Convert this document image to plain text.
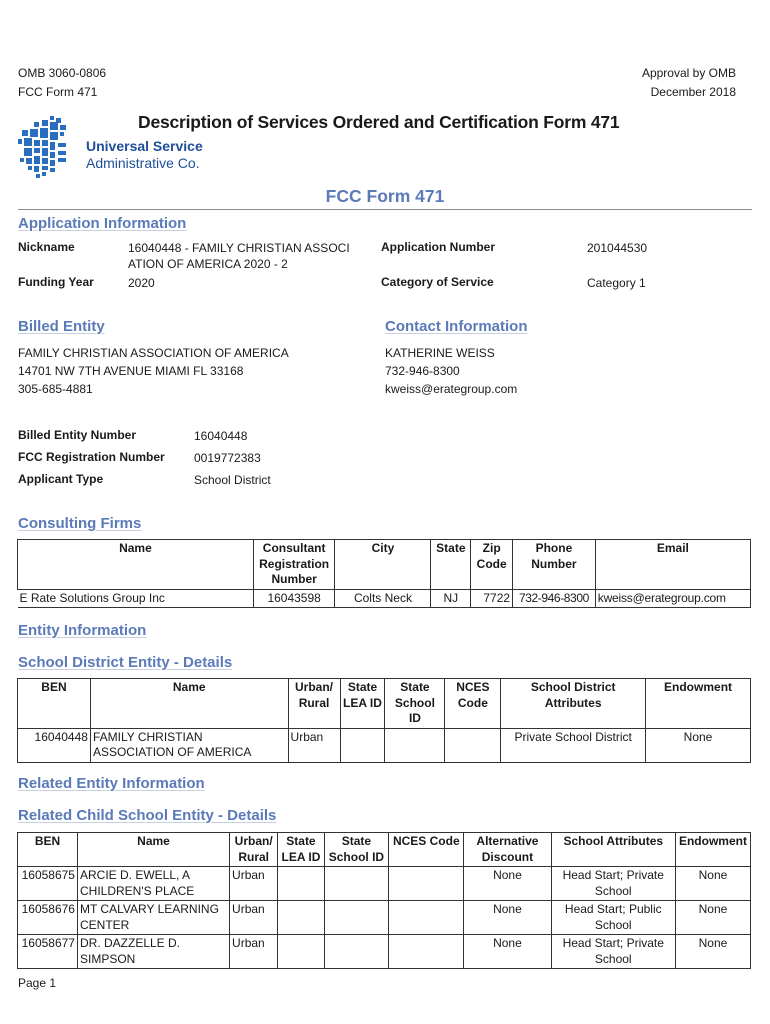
OMB 3060-0806
FCC Form 471
Approval by OMB
December 2018
Universal Service
Administrative Co.
Description of Services Ordered and Certification Form 471
FCC Form 471
Application Information
Nickname	16040448 - FAMILY CHRISTIAN ASSOCI ATION OF AMERICA 2020 - 2
Funding Year	2020
Application Number	201044530
Category of Service	Category 1
Billed Entity
FAMILY CHRISTIAN ASSOCIATION OF AMERICA
14701 NW 7TH AVENUE MIAMI FL 33168
305-685-4881
Contact Information
KATHERINE WEISS
732-946-8300
kweiss@erategroup.com
Billed Entity Number	16040448
FCC Registration Number 0019772383
Applicant Type	School District
Consulting Firms
Name	Consultant Registration Number	City	State	Zip Code	Phone Number	Email
E Rate Solutions Group Inc	16043598	Colts Neck	NJ	7722	732-946-8300	kweiss@erategroup.com
Entity Information
School District Entity - Details
BEN	Name	Urban/ Rural	State LEA ID	State School ID	NCES Code	School District Attributes	Endowment
16040448	FAMILY CHRISTIAN ASSOCIATION OF AMERICA	Urban				Private School District	None
Related Entity Information
Related Child School Entity - Details
BEN	Name	Urban/ Rural	State LEA ID	State School ID	NCES Code	Alternative Discount	School Attributes	Endowment
16058675	ARCIE D. EWELL, A CHILDREN'S PLACE	Urban				None	Head Start; Private School	None
16058676	MT CALVARY LEARNING CENTER	Urban				None	Head Start; Public School	None
16058677	DR. DAZZELLE D. SIMPSON	Urban				None	Head Start; Private School	None
Page 1
